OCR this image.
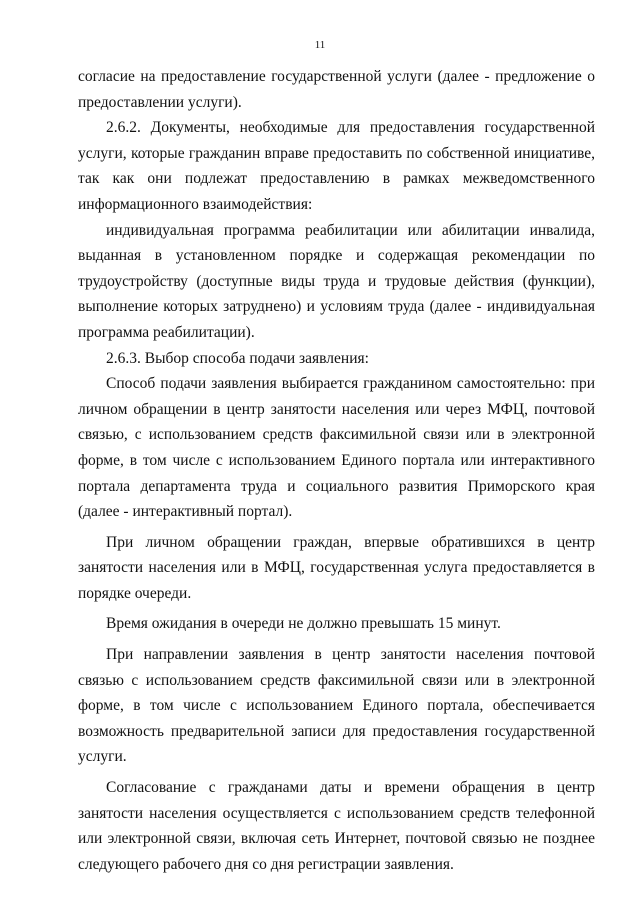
11

согласие на предоставление государственной услуги (далее - предложение о предоставлении услуги).

2.6.2. Документы, необходимые для предоставления государственной услуги, которые гражданин вправе предоставить по собственной инициативе, так как они подлежат предоставлению в рамках межведомственного информационного взаимодействия:

индивидуальная программа реабилитации или абилитации инвалида, выданная в установленном порядке и содержащая рекомендации по трудоустройству (доступные виды труда и трудовые действия (функции), выполнение которых затруднено) и условиям труда (далее - индивидуальная программа реабилитации).

2.6.3. Выбор способа подачи заявления:

Способ подачи заявления выбирается гражданином самостоятельно: при личном обращении в центр занятости населения или через МФЦ, почтовой связью, с использованием средств факсимильной связи или в электронной форме, в том числе с использованием Единого портала или интерактивного портала департамента труда и социального развития Приморского края (далее - интерактивный портал).

При личном обращении граждан, впервые обратившихся в центр занятости населения или в МФЦ, государственная услуга предоставляется в порядке очереди.

Время ожидания в очереди не должно превышать 15 минут.

При направлении заявления в центр занятости населения почтовой связью с использованием средств факсимильной связи или в электронной форме, в том числе с использованием Единого портала, обеспечивается возможность предварительной записи для предоставления государственной услуги.

Согласование с гражданами даты и времени обращения в центр занятости населения осуществляется с использованием средств телефонной или электронной связи, включая сеть Интернет, почтовой связью не позднее следующего рабочего дня со дня регистрации заявления.
